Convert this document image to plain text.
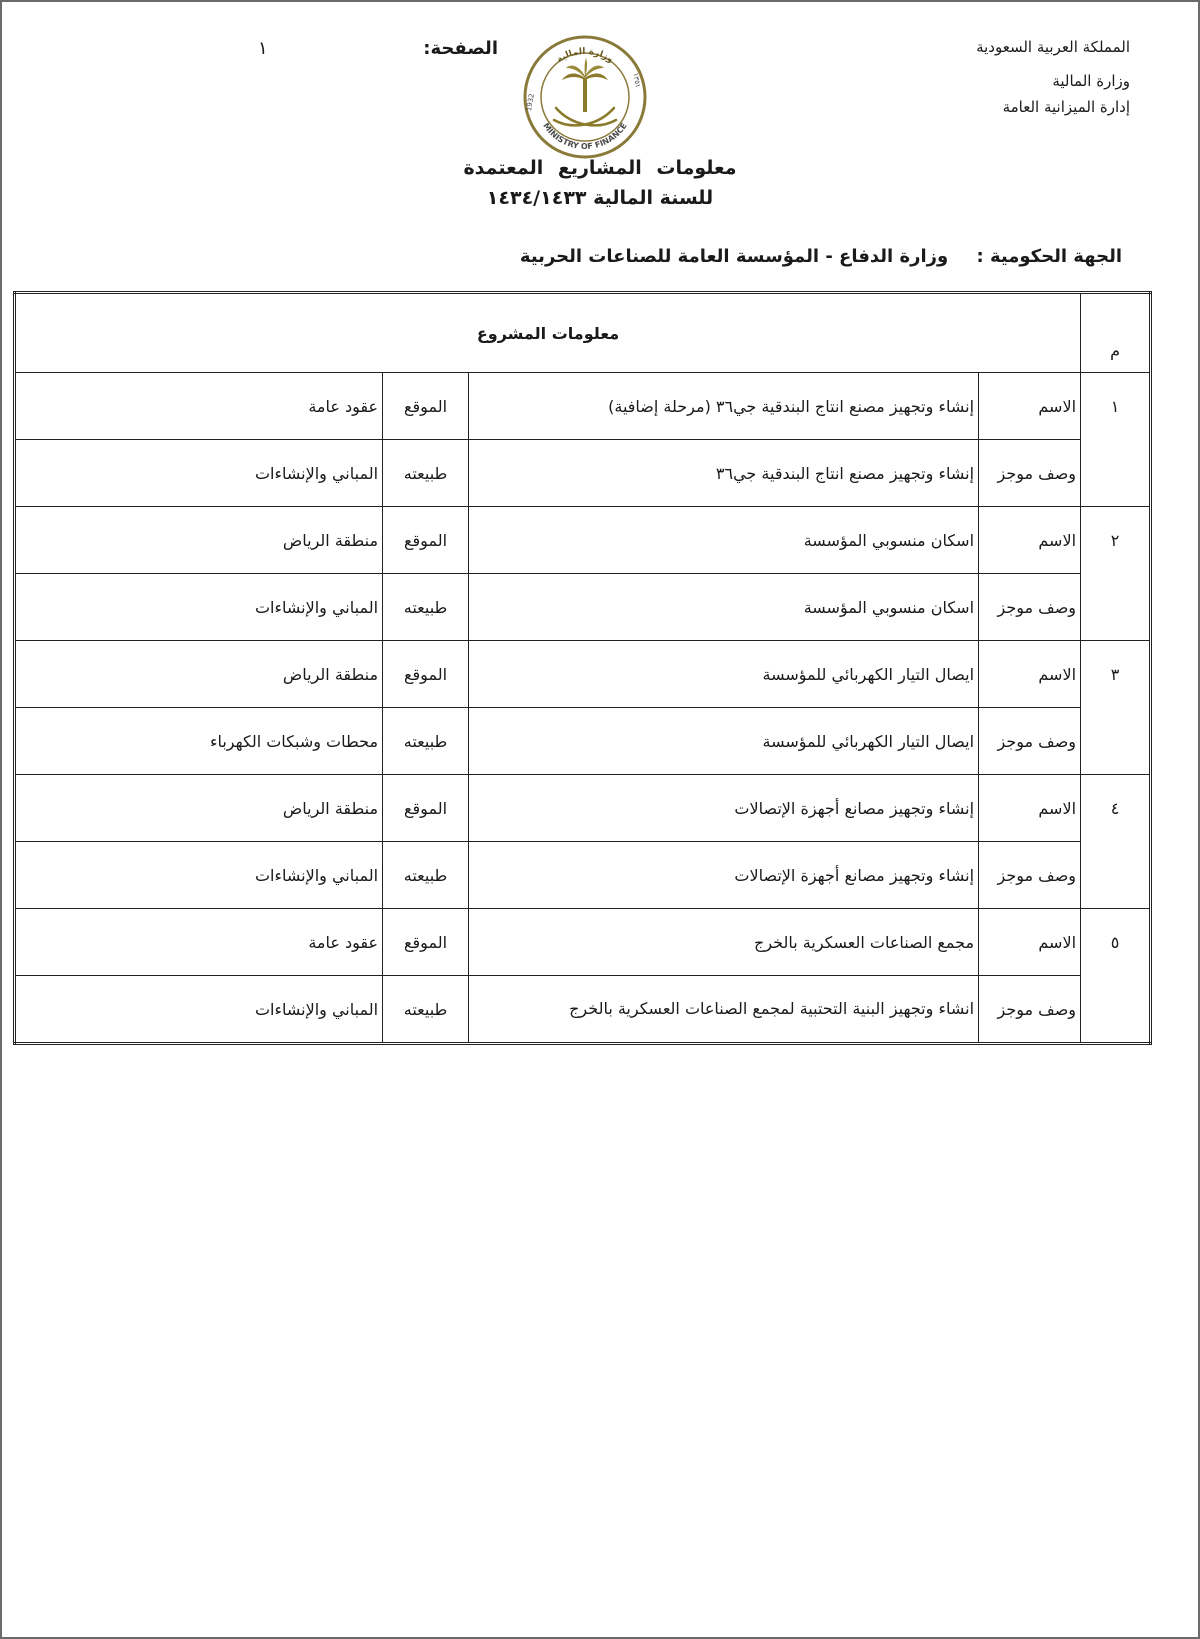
المملكة العربية السعودية
وزارة المالية
إدارة الميزانية العامة
الصفحة:
١
وزارة المالية
MINISTRY OF FINANCE
1932
١٣٥١
معلومات المشاريع المعتمدة
للسنة المالية ١٤٣٤/١٤٣٣
الجهة الحكومية : وزارة الدفاع - المؤسسة العامة للصناعات الحربية
م	معلومات المشروع			
١	الاسم	إنشاء وتجهيز مصنع انتاج البندقية جي٣٦ (مرحلة إضافية)	الموقع	عقود عامة
	وصف موجز	إنشاء وتجهيز مصنع انتاج البندقية جي٣٦	طبيعته	المباني والإنشاءات
٢	الاسم	اسكان منسوبي المؤسسة	الموقع	منطقة الرياض
	وصف موجز	اسكان منسوبي المؤسسة	طبيعته	المباني والإنشاءات
٣	الاسم	ايصال التيار الكهربائي للمؤسسة	الموقع	منطقة الرياض
	وصف موجز	ايصال التيار الكهربائي للمؤسسة	طبيعته	محطات وشبكات الكهرباء
٤	الاسم	إنشاء وتجهيز مصانع أجهزة الإتصالات	الموقع	منطقة الرياض
	وصف موجز	إنشاء وتجهيز مصانع أجهزة الإتصالات	طبيعته	المباني والإنشاءات
٥	الاسم	مجمع الصناعات العسكرية بالخرج	الموقع	عقود عامة
	وصف موجز	انشاء وتجهيز البنية التحتبية لمجمع الصناعات العسكرية بالخرج	طبيعته	المباني والإنشاءات
